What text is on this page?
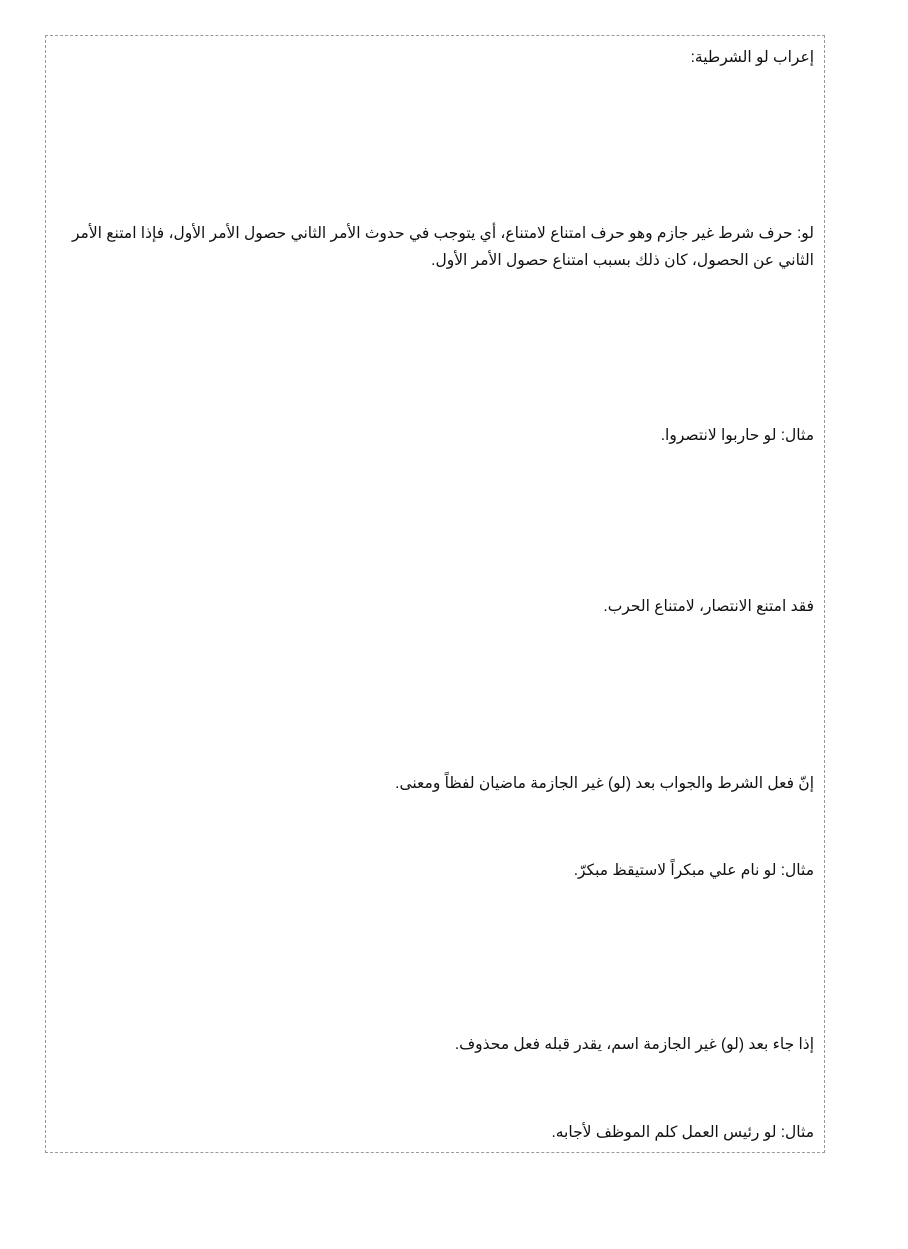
إعراب لو الشرطية:

لو: حرف شرط غير جازم وهو حرف امتناع لامتناع، أي يتوجب في حدوث الأمر الثاني حصول الأمر الأول، فإذا امتنع الأمر الثاني عن الحصول، كان ذلك بسبب امتناع حصول الأمر الأول.

مثال: لو حاربوا لانتصروا.

فقد امتنع الانتصار، لامتناع الحرب.

إنّ فعل الشرط والجواب بعد (لو) غير الجازمة ماضيان لفظاً ومعنى.

مثال: لو نام علي مبكراً لاستيقظ مبكرّ.

إذا جاء بعد (لو) غير الجازمة اسم، يقدر قبله فعل محذوف.

مثال: لو رئيس العمل كلم الموظف لأجابه.
